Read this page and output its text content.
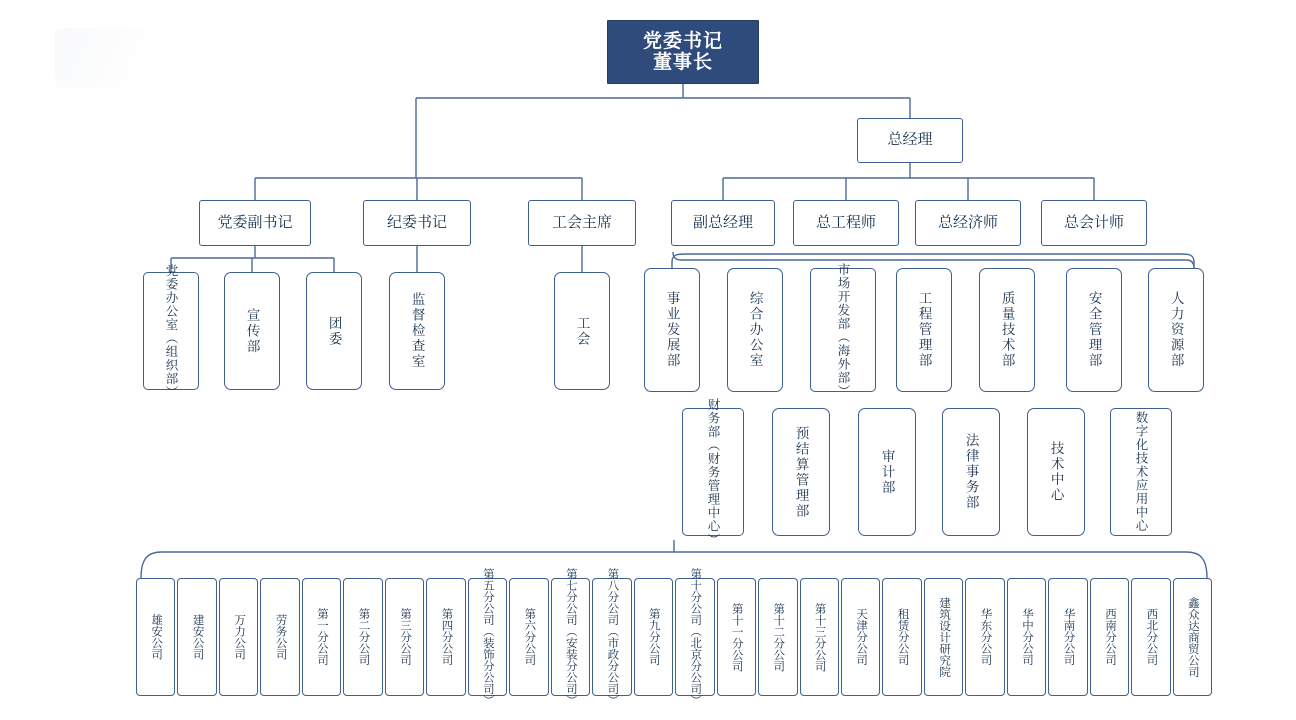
党委书记
董事长
总经理
党委副书记	纪委书记	工会主席	副总经理	总工程师	总经济师	总会计师
党委办公室（组织部）	宣传部	团委	监督检查室	工会	事业发展部	综合办公室	市场开发部（海外部）	工程管理部	质量技术部	安全管理部	人力资源部
财务部（财务管理中心）	预结算管理部	审计部	法律事务部	技术中心	数字化技术应用中心
雄安公司	建安公司	万力公司	劳务公司	第一分公司	第二分公司	第三分公司	第四分公司	第五分公司（装饰分公司）	第六分公司	第七分公司（安装分公司）	第八分公司（市政分公司）	第九分公司	第十分公司（北京分公司）	第十一分公司	第十二分公司	第十三分公司	天津分公司	租赁分公司	建筑设计研究院	华东分公司	华中分公司	华南分公司	西南分公司	西北分公司	鑫众达商贸公司
